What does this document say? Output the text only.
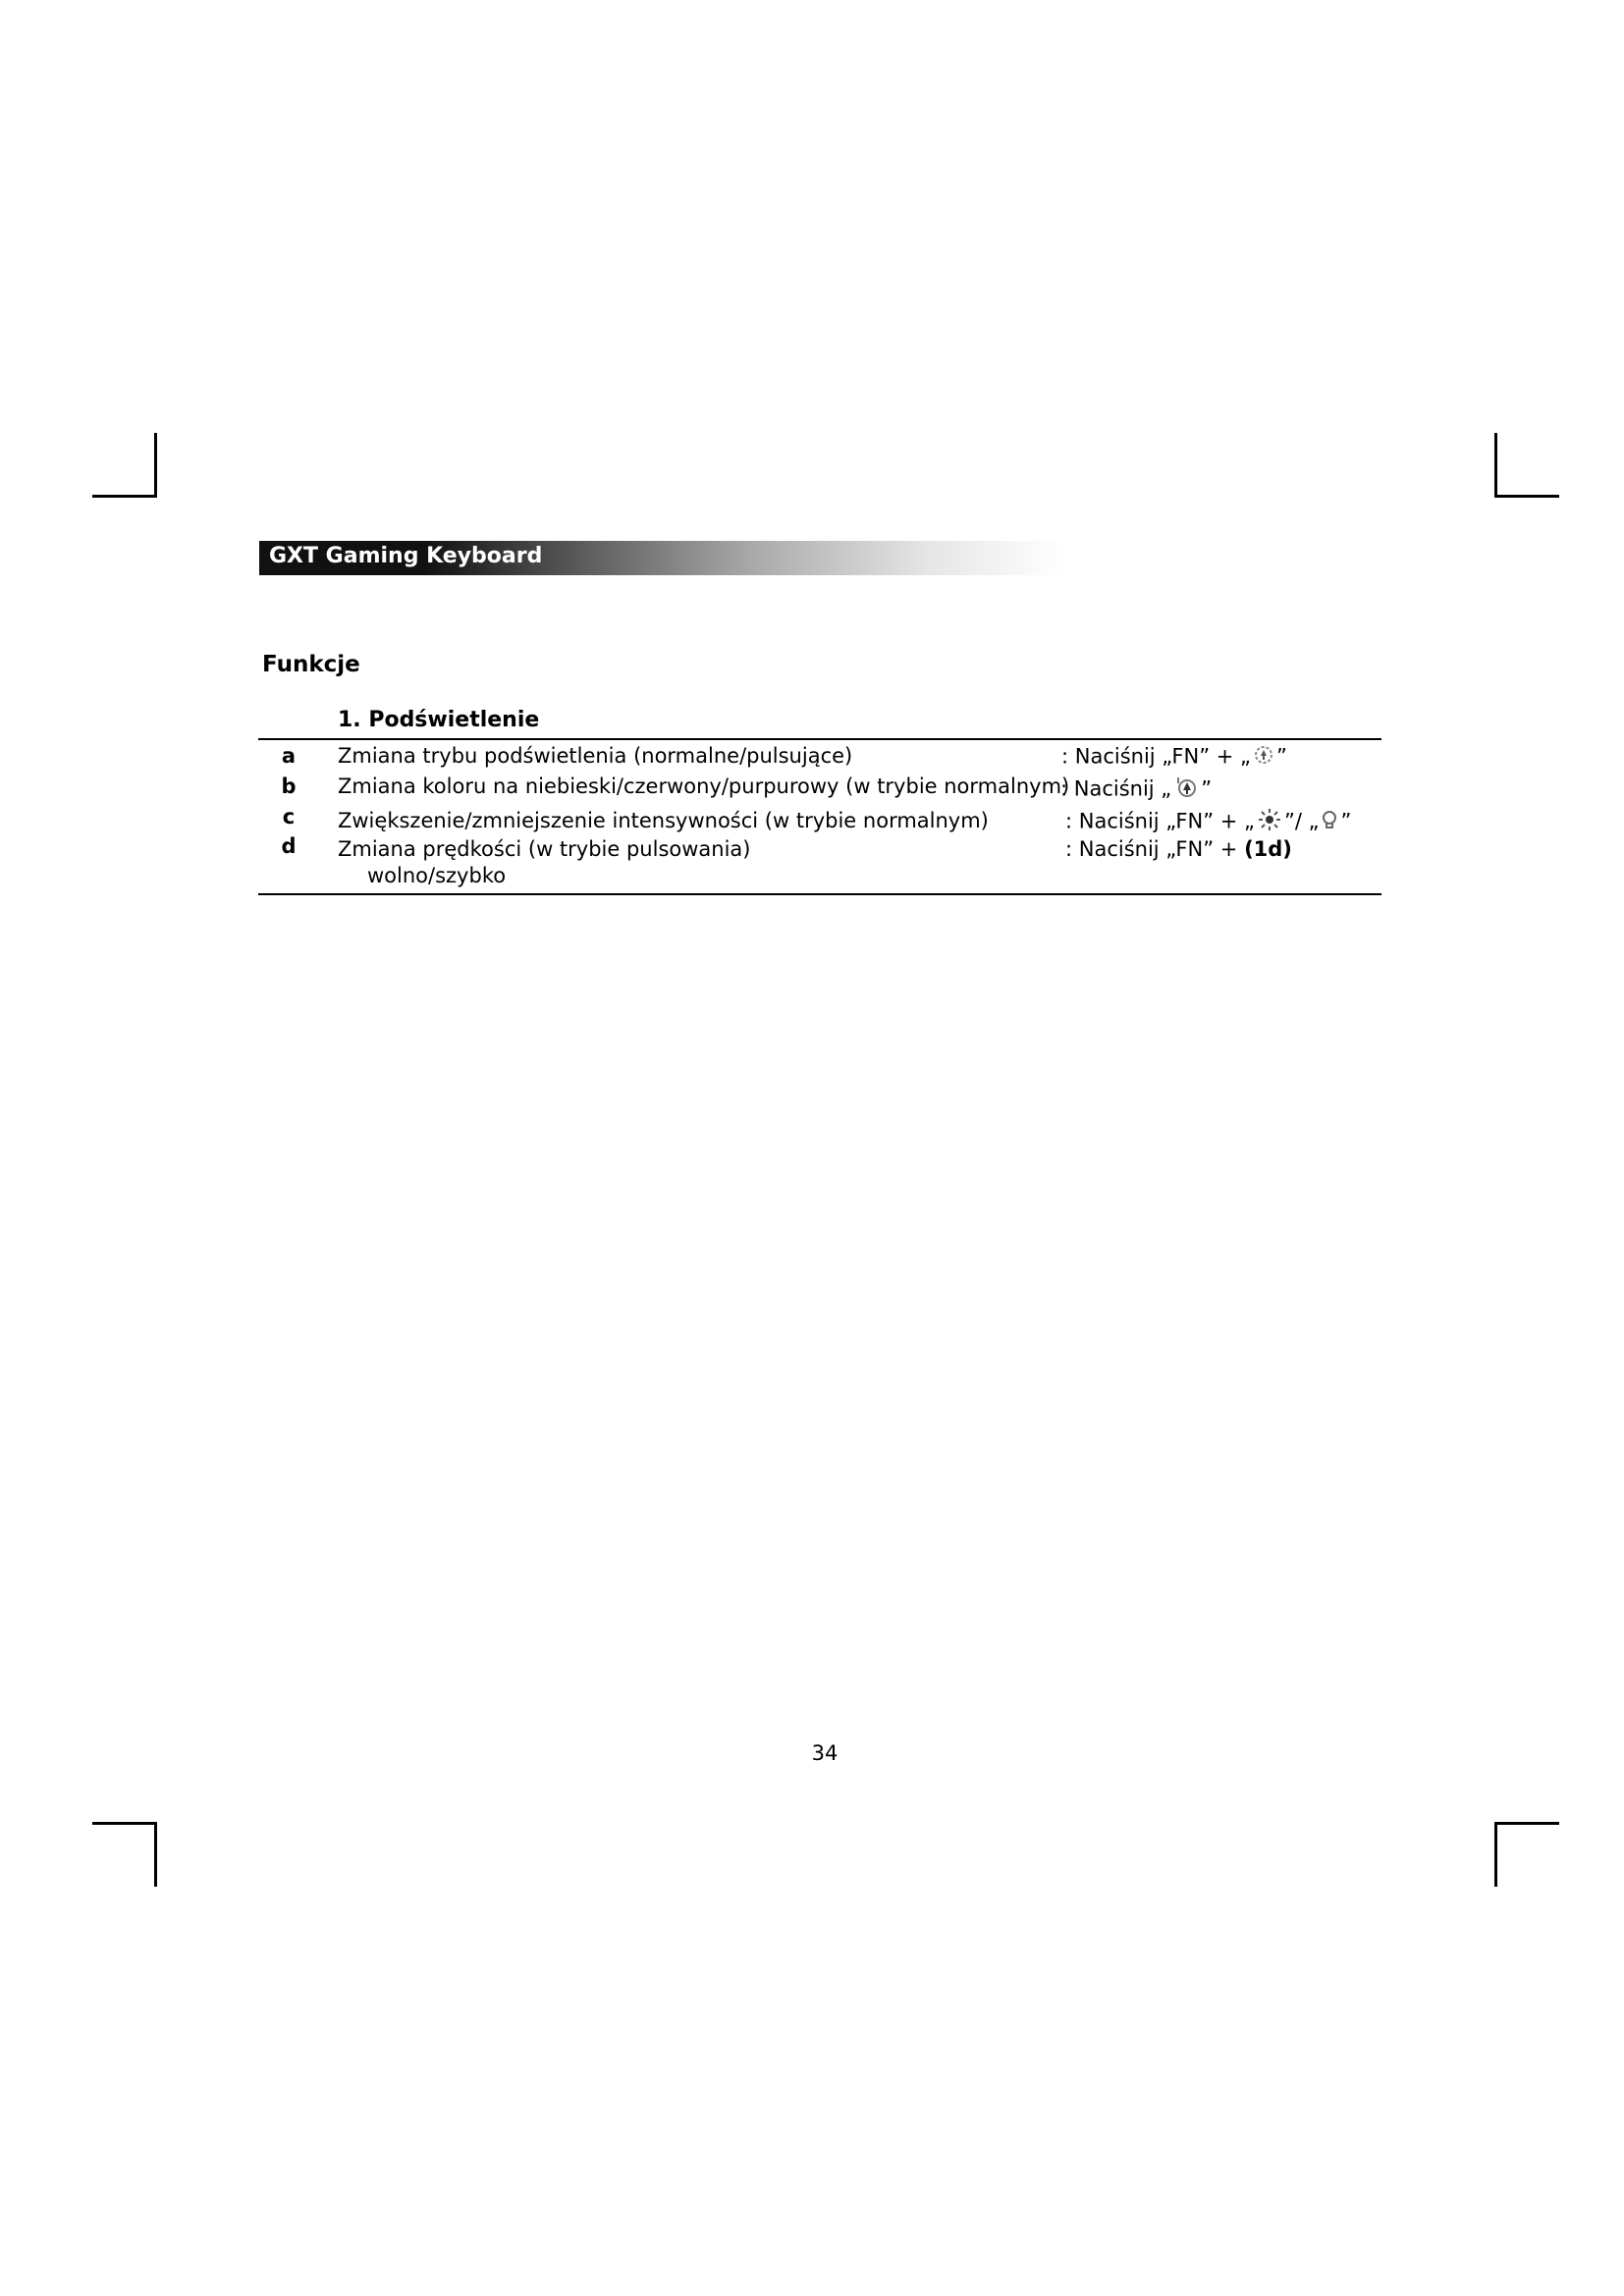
GXT Gaming Keyboard
Funkcje
1. Podświetlenie
a Zmiana trybu podświetlenia (normalne/pulsujące)	: Naciśnij „FN” + „ ”
b Zmiana koloru na niebieski/czerwony/purpurowy (w trybie normalnym)
: Naciśnij „ ”
c Zwiększenie/zmniejszenie intensywności (w trybie normalnym)	: Naciśnij „FN” + „ ”/ „ ”
d Zmiana prędkości (w trybie pulsowania)
wolno/szybko
: Naciśnij „FN” + (1d)
34
